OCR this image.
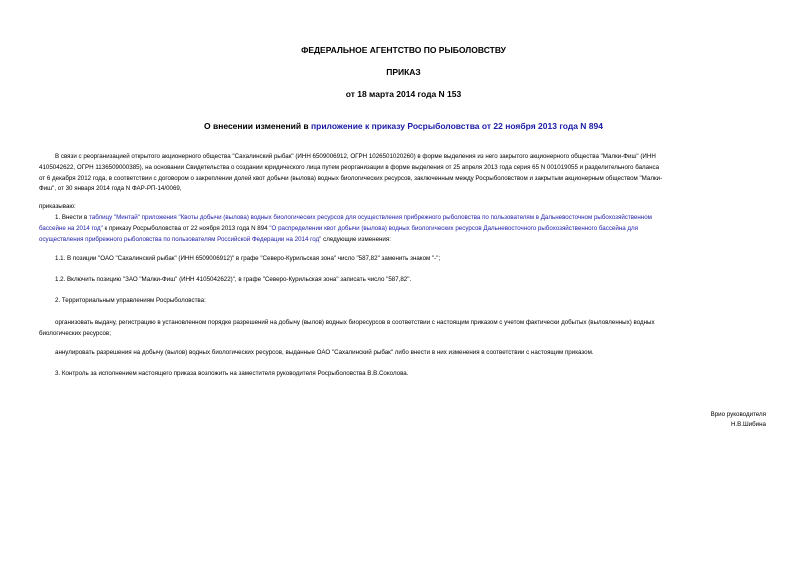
ФЕДЕРАЛЬНОЕ АГЕНТСТВО ПО РЫБОЛОВСТВУ
ПРИКАЗ
от 18 марта 2014 года N 153
О внесении изменений в приложение к приказу Росрыболовства от 22 ноября 2013 года N 894
В связи с реорганизацией открытого акционерного общества "Сахалинский рыбак" (ИНН 6509006912, ОГРН 1026501020260) в форме выделения из него закрытого акционерного общества "Малки-Фиш" (ИНН
4105042622, ОГРН 1136509000385), на основании Свидетельства о создании юридического лица путем реорганизации в форме выделения от 25 апреля 2013 года серия 65 N 001019055 и разделительного баланса
от 6 декабря 2012 года, в соответствии с договором о закреплении долей квот добычи (вылова) водных биологических ресурсов, заключенным между Росрыболовством и закрытым акционерным обществом "Малки-
Фиш", от 30 января 2014 года N ФАР-РП-14/0069,
приказываю:
1. Внести в таблицу "Минтай" приложения "Квоты добычи (вылова) водных биологических ресурсов для осуществления прибрежного рыболовства по пользователям в Дальневосточном рыбохозяйственном
бассейне на 2014 год" к приказу Росрыболовства от 22 ноября 2013 года N 894 "О распределении квот добычи (вылова) водных биологических ресурсов Дальневосточного рыбохозяйственного бассейна для
осуществления прибрежного рыболовства по пользователям Российской Федерации на 2014 год" следующие изменения:
1.1. В позиции "ОАО "Сахалинский рыбак" (ИНН 6509006912)" в графе "Северо-Курильская зона" число "587,82" заменить знаком "-";
1.2. Включить позицию "ЗАО "Малки-Фиш" (ИНН 4105042622)", в графе "Северо-Курильская зона" записать число "587,82".
2. Территориальным управлениям Росрыболовства:
организовать выдачу, регистрацию в установленном порядке разрешений на добычу (вылов) водных биоресурсов в соответствии с настоящим приказом с учетом фактически добытых (выловленных) водных
биологических ресурсов;
аннулировать разрешения на добычу (вылов) водных биологических ресурсов, выданные ОАО "Сахалинский рыбак" либо внести в них изменения в соответствии с настоящим приказом.
3. Контроль за исполнением настоящего приказа возложить на заместителя руководителя Росрыболовства В.В.Соколова.
Врио руководителя
Н.В.Шибина
